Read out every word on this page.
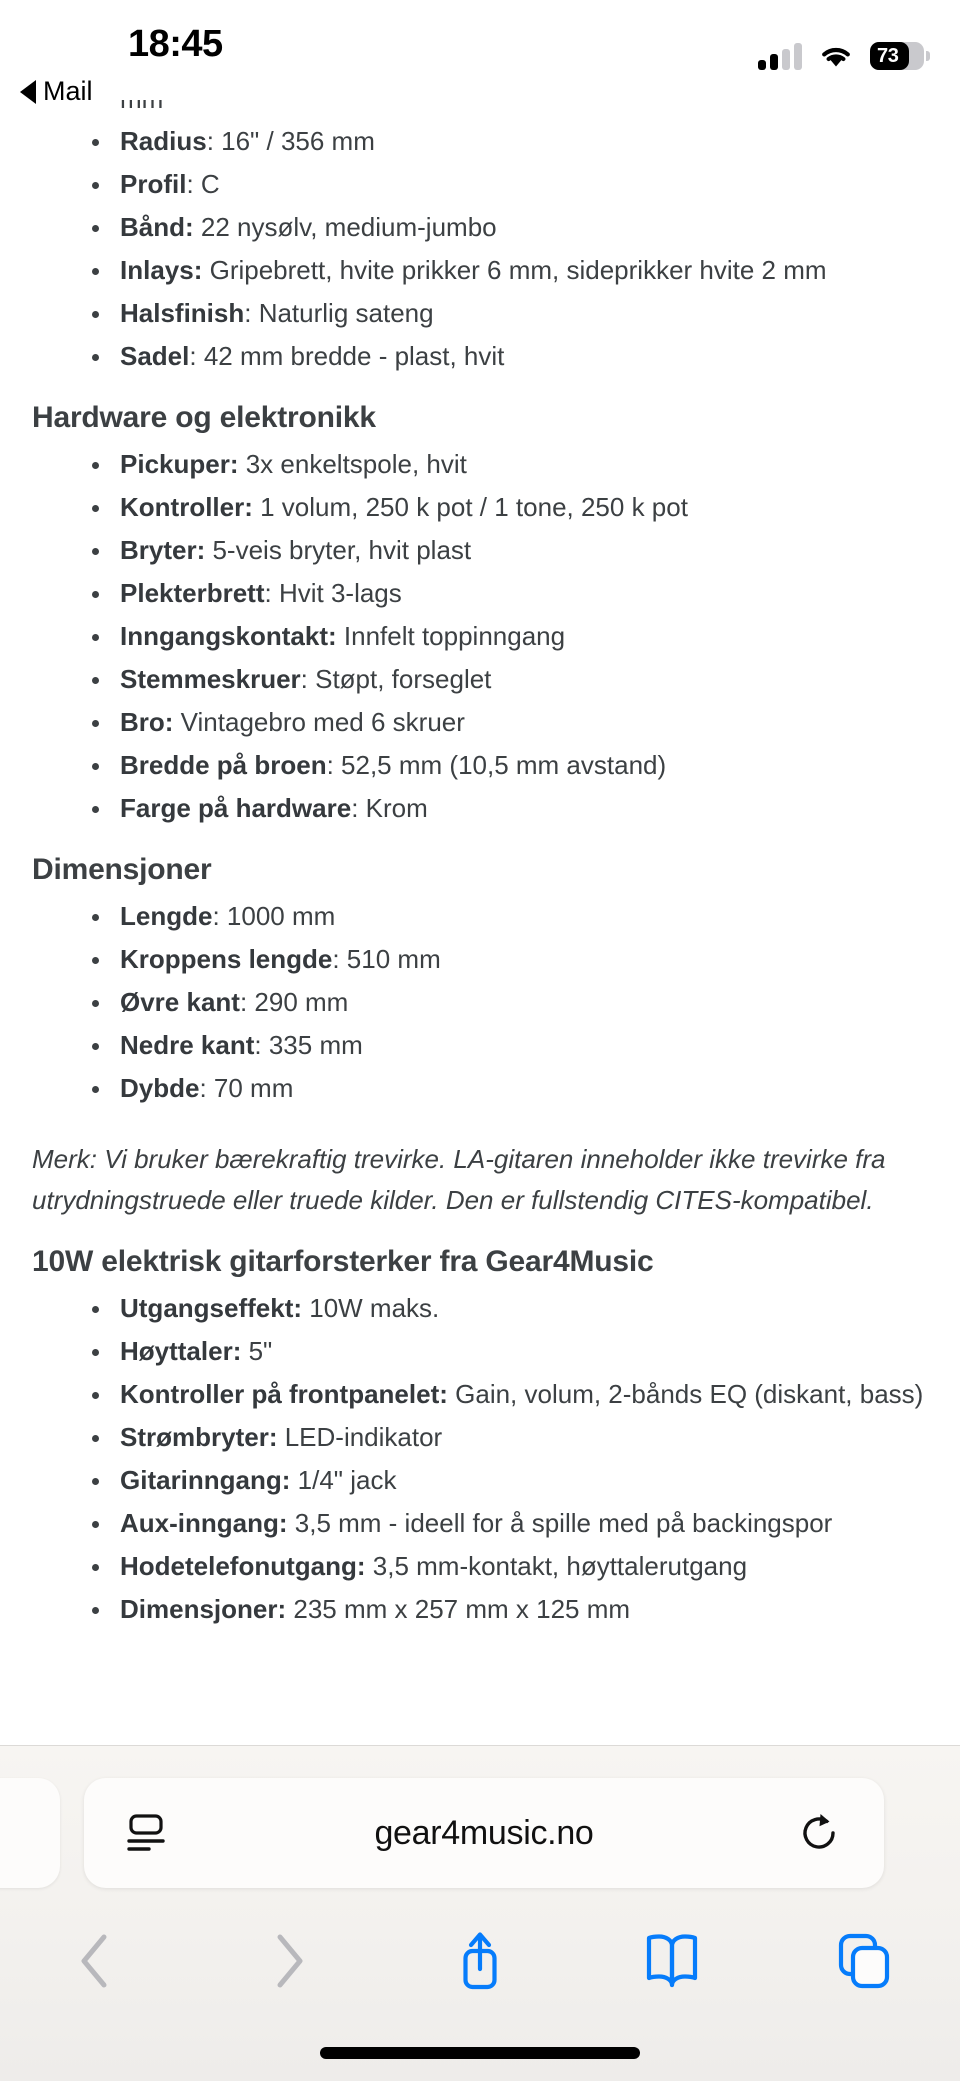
18:45
Mail
73
Radius: 16" / 356 mm
Profil: C
Bånd: 22 nysølv, medium-jumbo
Inlays: Gripebrett, hvite prikker 6 mm, sideprikker hvite 2 mm
Halsfinish: Naturlig sateng
Sadel: 42 mm bredde - plast, hvit
Hardware og elektronikk
Pickuper: 3x enkeltspole, hvit
Kontroller: 1 volum, 250 k pot / 1 tone, 250 k pot
Bryter: 5-veis bryter, hvit plast
Plekterbrett: Hvit 3-lags
Inngangskontakt: Innfelt toppinngang
Stemmeskruer: Støpt, forseglet
Bro: Vintagebro med 6 skruer
Bredde på broen: 52,5 mm (10,5 mm avstand)
Farge på hardware: Krom
Dimensjoner
Lengde: 1000 mm
Kroppens lengde: 510 mm
Øvre kant: 290 mm
Nedre kant: 335 mm
Dybde: 70 mm

Merk: Vi bruker bærekraftig trevirke. LA-gitaren inneholder ikke trevirke fra utrydningstruede eller truede kilder. Den er fullstendig CITES-kompatibel.

10W elektrisk gitarforsterker fra Gear4Music
Utgangseffekt: 10W maks.
Høyttaler: 5"
Kontroller på frontpanelet: Gain, volum, 2-bånds EQ (diskant, bass)
Strømbryter: LED-indikator
Gitarinngang: 1/4" jack
Aux-inngang: 3,5 mm - ideell for å spille med på backingspor
Hodetelefonutgang: 3,5 mm-kontakt, høyttalerutgang
Dimensjoner: 235 mm x 257 mm x 125 mm
gear4music.no
